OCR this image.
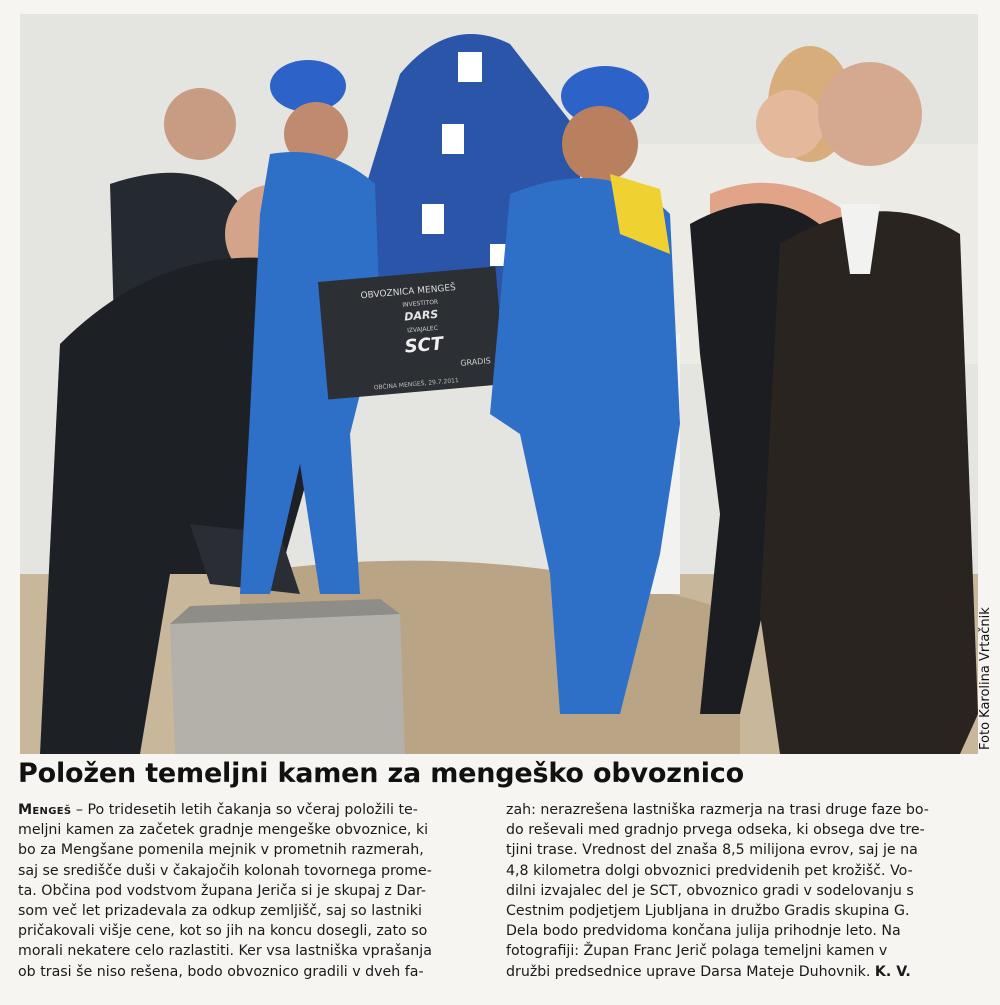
OBVOZNICA MENGEŠ
INVESTITOR
DARS
IZVAJALEC
SCT
GRADIS
OBČINA MENGEŠ, 29.7.2011
Foto Karolina Vrtačnik
Položen temeljni kamen za mengeško obvoznico
Mengeš – Po tridesetih letih čakanja so včeraj položili te-
meljni kamen za začetek gradnje mengeške obvoznice, ki
bo za Mengšane pomenila mejnik v prometnih razmerah,
saj se središče duši v čakajočih kolonah tovornega prome-
ta. Občina pod vodstvom župana Jeriča si je skupaj z Dar-
som več let prizadevala za odkup zemljišč, saj so lastniki
pričakovali višje cene, kot so jih na koncu dosegli, zato so
morali nekatere celo razlastiti. Ker vsa lastniška vprašanja
ob trasi še niso rešena, bodo obvoznico gradili v dveh fa-
zah: nerazrešena lastniška razmerja na trasi druge faze bo-
do reševali med gradnjo prvega odseka, ki obsega dve tre-
tjini trase. Vrednost del znaša 8,5 milijona evrov, saj je na
4,8 kilometra dolgi obvoznici predvidenih pet krožišč. Vo-
dilni izvajalec del je SCT, obvoznico gradi v sodelovanju s
Cestnim podjetjem Ljubljana in družbo Gradis skupina G.
Dela bodo predvidoma končana julija prihodnje leto. Na
fotografiji: Župan Franc Jerič polaga temeljni kamen v
družbi predsednice uprave Darsa Mateje Duhovnik. K. V.
